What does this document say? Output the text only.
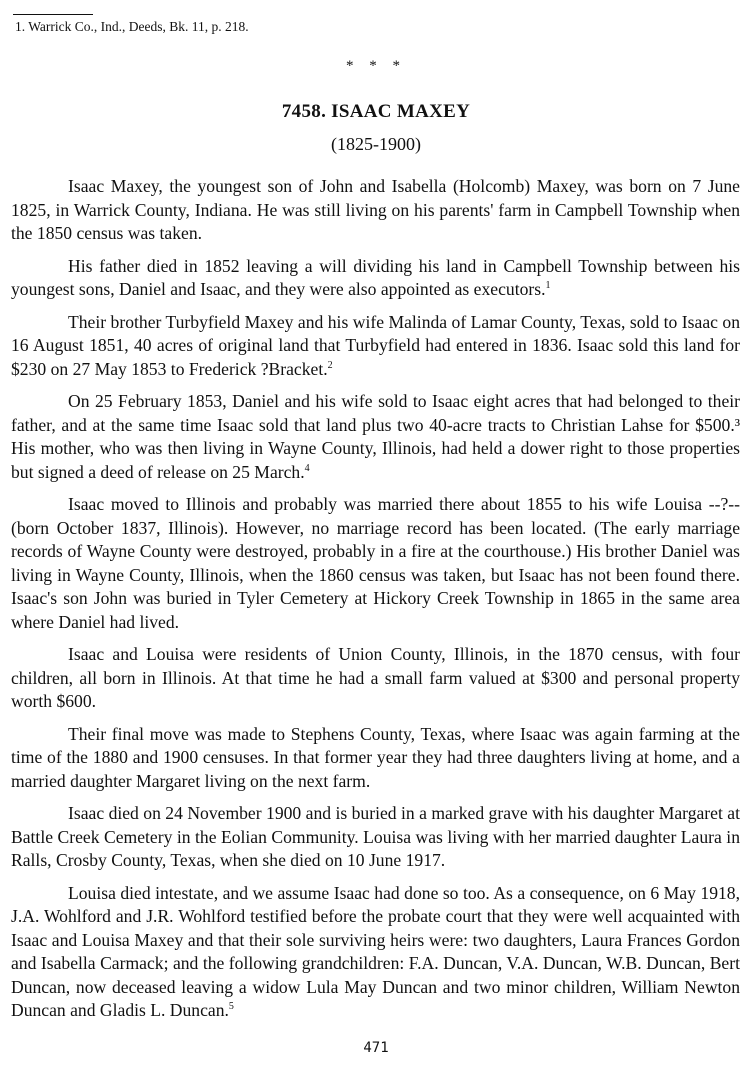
1. Warrick Co., Ind., Deeds, Bk. 11, p. 218.
* * *
7458. ISAAC MAXEY
(1825-1900)

Isaac Maxey, the youngest son of John and Isabella (Holcomb) Maxey, was born on 7 June 1825, in Warrick County, Indiana. He was still living on his parents' farm in Campbell Township when the 1850 census was taken.

His father died in 1852 leaving a will dividing his land in Campbell Township between his youngest sons, Daniel and Isaac, and they were also appointed as executors.$^1$

Their brother Turbyfield Maxey and his wife Malinda of Lamar County, Texas, sold to Isaac on 16 August 1851, 40 acres of original land that Turbyfield had entered in 1836. Isaac sold this land for $230 on 27 May 1853 to Frederick ?Bracket.$^2$

On 25 February 1853, Daniel and his wife sold to Isaac eight acres that had belonged to their father, and at the same time Isaac sold that land plus two 40-acre tracts to Christian Lahse for $500.³ His mother, who was then living in Wayne County, Illinois, had held a dower right to those properties but signed a deed of release on 25 March.$^4$

Isaac moved to Illinois and probably was married there about 1855 to his wife Louisa --?-- (born October 1837, Illinois). However, no marriage record has been located. (The early marriage records of Wayne County were destroyed, probably in a fire at the courthouse.) His brother Daniel was living in Wayne County, Illinois, when the 1860 census was taken, but Isaac has not been found there. Isaac's son John was buried in Tyler Cemetery at Hickory Creek Township in 1865 in the same area where Daniel had lived.

Isaac and Louisa were residents of Union County, Illinois, in the 1870 census, with four children, all born in Illinois. At that time he had a small farm valued at $300 and personal property worth $600.

Their final move was made to Stephens County, Texas, where Isaac was again farming at the time of the 1880 and 1900 censuses. In that former year they had three daughters living at home, and a married daughter Margaret living on the next farm.

Isaac died on 24 November 1900 and is buried in a marked grave with his daughter Margaret at Battle Creek Cemetery in the Eolian Community. Louisa was living with her married daughter Laura in Ralls, Crosby County, Texas, when she died on 10 June 1917.

Louisa died intestate, and we assume Isaac had done so too. As a consequence, on 6 May 1918, J.A. Wohlford and J.R. Wohlford testified before the probate court that they were well acquainted with Isaac and Louisa Maxey and that their sole surviving heirs were: two daughters, Laura Frances Gordon and Isabella Carmack; and the following grandchildren: F.A. Duncan, V.A. Duncan, W.B. Duncan, Bert Duncan, now deceased leaving a widow Lula May Duncan and two minor children, William Newton Duncan and Gladis L. Duncan.$^5$

471
